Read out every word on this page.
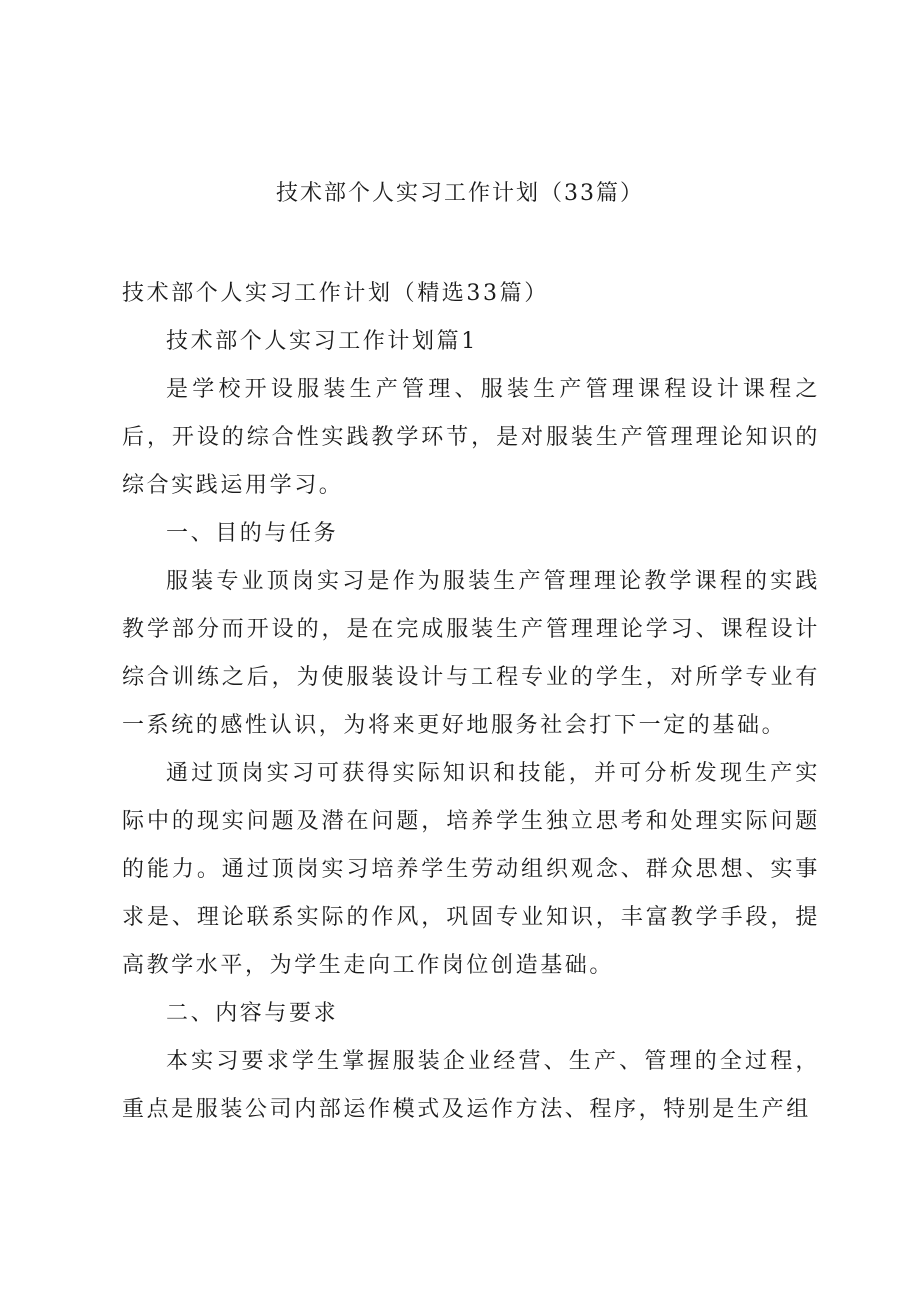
技术部个人实习工作计划（33篇）

技术部个人实习工作计划（精选33篇）

技术部个人实习工作计划篇1

是学校开设服装生产管理、服装生产管理课程设计课程之后，开设的综合性实践教学环节，是对服装生产管理理论知识的综合实践运用学习。

一、目的与任务

服装专业顶岗实习是作为服装生产管理理论教学课程的实践教学部分而开设的，是在完成服装生产管理理论学习、课程设计综合训练之后，为使服装设计与工程专业的学生，对所学专业有一系统的感性认识，为将来更好地服务社会打下一定的基础。

通过顶岗实习可获得实际知识和技能，并可分析发现生产实际中的现实问题及潜在问题，培养学生独立思考和处理实际问题的能力。通过顶岗实习培养学生劳动组织观念、群众思想、实事求是、理论联系实际的作风，巩固专业知识，丰富教学手段，提高教学水平，为学生走向工作岗位创造基础。

二、内容与要求

本实习要求学生掌握服装企业经营、生产、管理的全过程，重点是服装公司内部运作模式及运作方法、程序，特别是生产组
